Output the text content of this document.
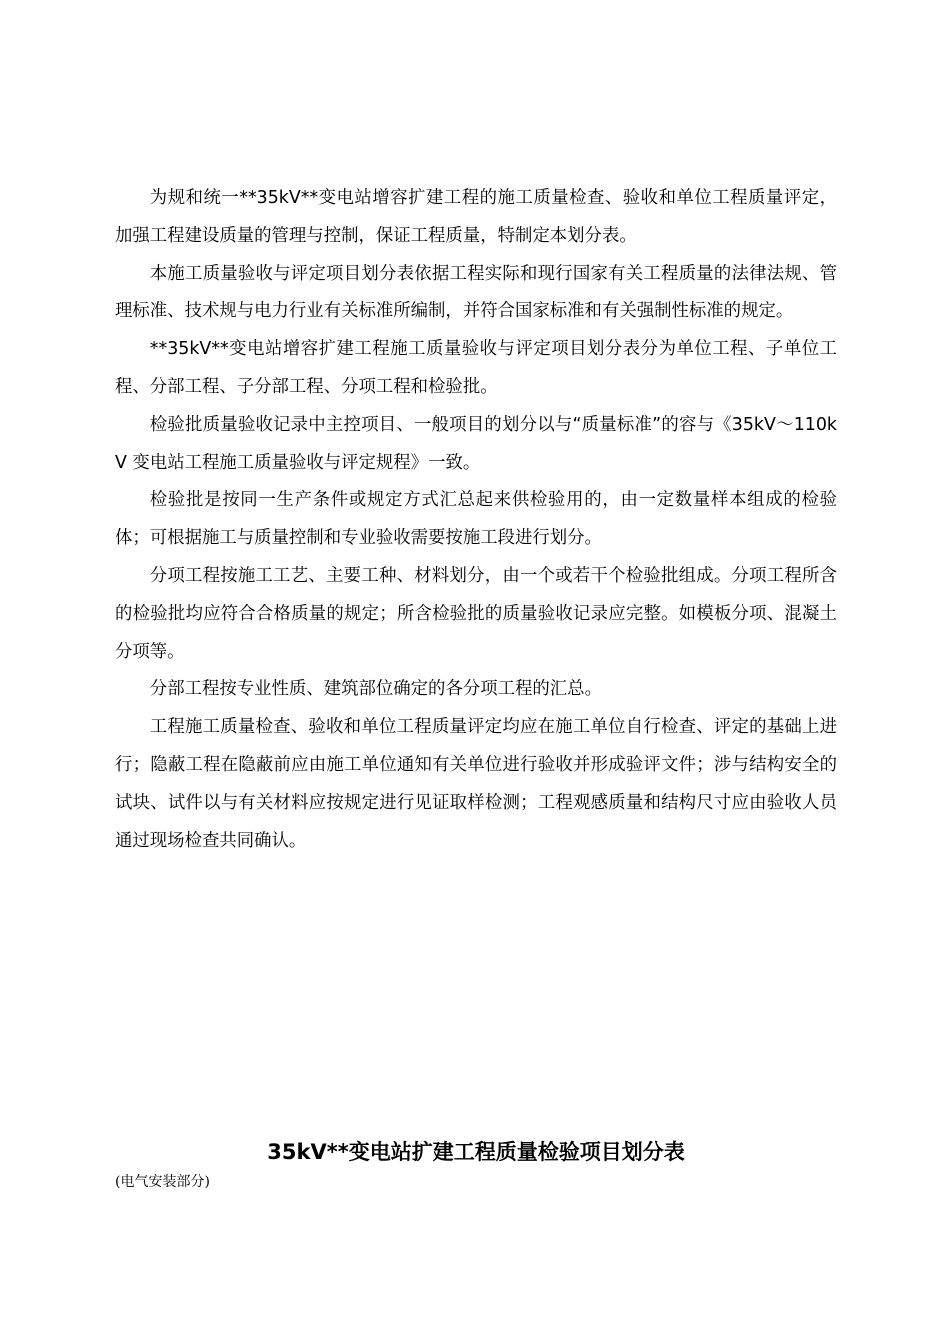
为规和统一**35kV**变电站增容扩建工程的施工质量检查、验收和单位工程质量评定，加强工程建设质量的管理与控制，保证工程质量，特制定本划分表。

本施工质量验收与评定项目划分表依据工程实际和现行国家有关工程质量的法律法规、管理标准、技术规与电力行业有关标准所编制，并符合国家标准和有关强制性标准的规定。

**35kV**变电站增容扩建工程施工质量验收与评定项目划分表分为单位工程、子单位工程、分部工程、子分部工程、分项工程和检验批。

检验批质量验收记录中主控项目、一般项目的划分以与“质量标准”的容与《35kV～110kV 变电站工程施工质量验收与评定规程》一致。

检验批是按同一生产条件或规定方式汇总起来供检验用的，由一定数量样本组成的检验体；可根据施工与质量控制和专业验收需要按施工段进行划分。

分项工程按施工工艺、主要工种、材料划分，由一个或若干个检验批组成。分项工程所含的检验批均应符合合格质量的规定；所含检验批的质量验收记录应完整。如模板分项、混凝土分项等。

分部工程按专业性质、建筑部位确定的各分项工程的汇总。

工程施工质量检查、验收和单位工程质量评定均应在施工单位自行检查、评定的基础上进行；隐蔽工程在隐蔽前应由施工单位通知有关单位进行验收并形成验评文件；涉与结构安全的试块、试件以与有关材料应按规定进行见证取样检测；工程观感质量和结构尺寸应由验收人员通过现场检查共同确认。

35kV**变电站扩建工程质量检验项目划分表

(电气安装部分)
